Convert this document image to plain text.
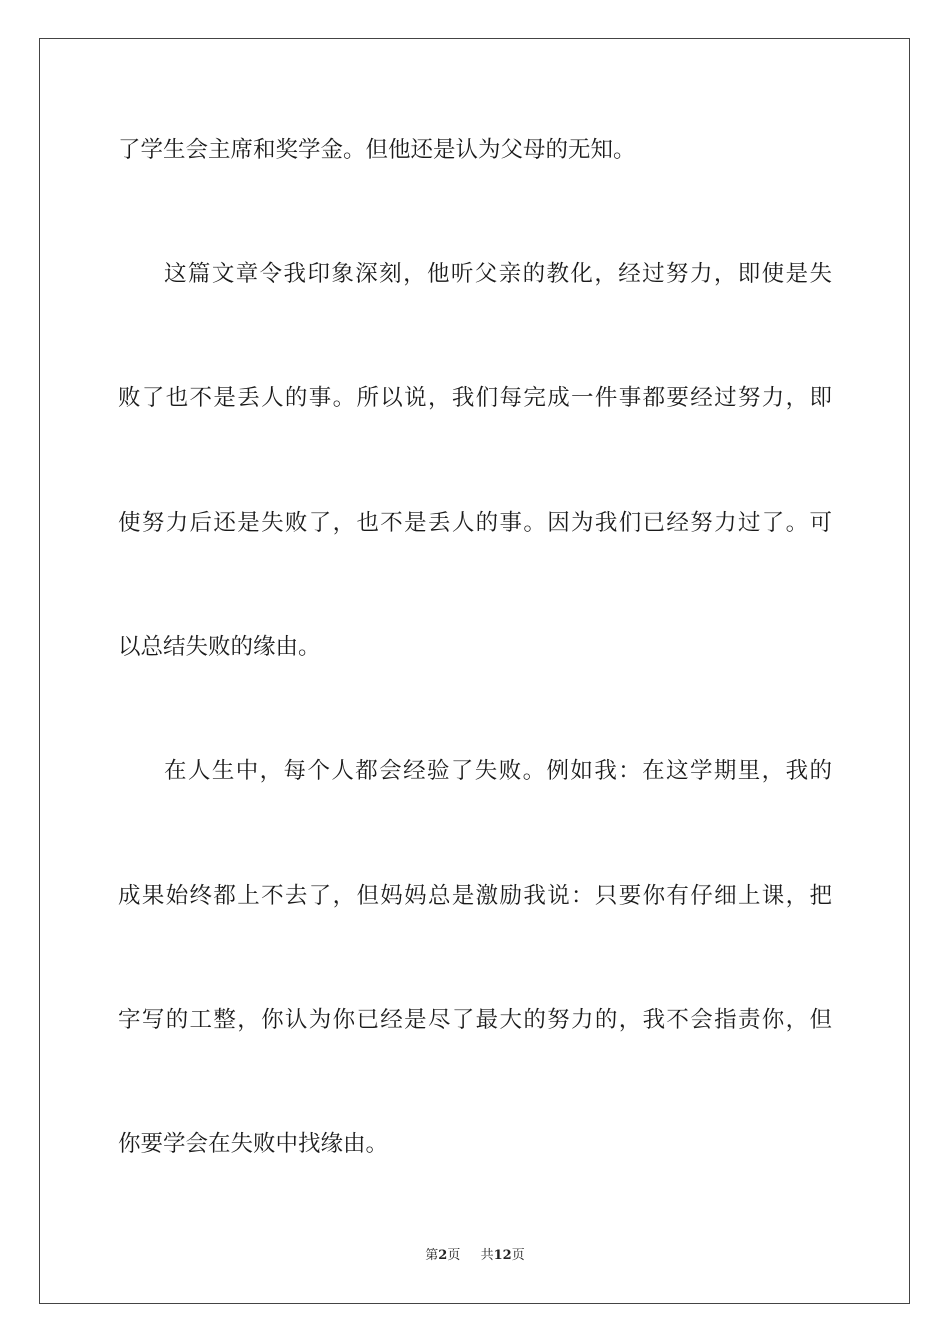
了学生会主席和奖学金。但他还是认为父母的无知。
这篇文章令我印象深刻，他听父亲的教化，经过努力，即使是失
败了也不是丢人的事。所以说，我们每完成一件事都要经过努力，即
使努力后还是失败了，也不是丢人的事。因为我们已经努力过了。可
以总结失败的缘由。
在人生中，每个人都会经验了失败。例如我：在这学期里，我的
成果始终都上不去了，但妈妈总是激励我说：只要你有仔细上课，把
字写的工整，你认为你已经是尽了最大的努力的，我不会指责你，但
你要学会在失败中找缘由。
第2页 共12页
